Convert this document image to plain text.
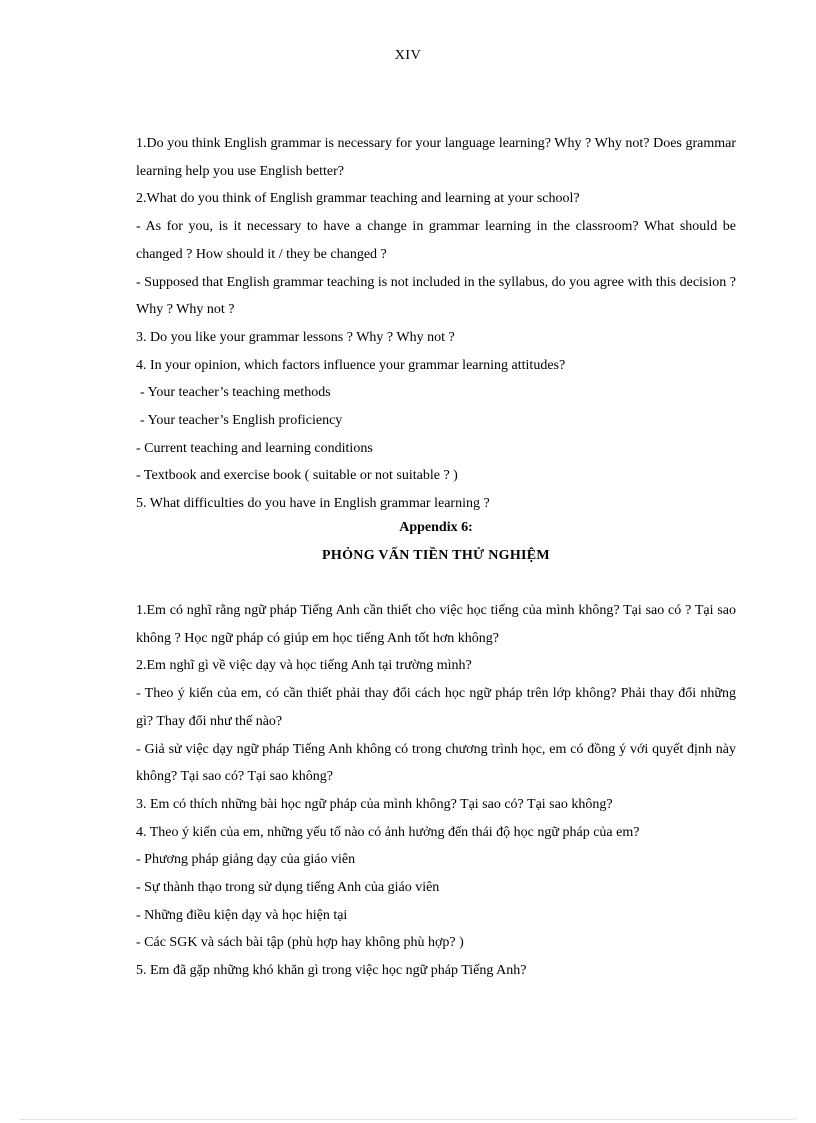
XIV

1.Do you think English grammar is necessary for your language learning? Why ? Why not? Does grammar learning help you use English better?

2.What do you think of English grammar teaching and learning at your school?

- As for you, is it necessary to have a change in grammar learning in the classroom? What should be changed ? How should it / they be changed ?

- Supposed that English grammar teaching is not included in the syllabus, do you agree with this decision ? Why ? Why not ?

3. Do you like your grammar lessons ? Why ? Why not ?

4. In your opinion, which factors influence your grammar learning attitudes?

- Your teacher’s teaching methods

- Your teacher’s English proficiency

- Current teaching and learning conditions

- Textbook and exercise book ( suitable or not suitable ? )

5. What difficulties do you have in English grammar learning ?

Appendix 6:
PHỎNG VẤN TIỀN THỬ NGHIỆM

1.Em có nghĩ rằng ngữ pháp Tiếng Anh cần thiết cho việc học tiếng của mình không? Tại sao có ? Tại sao không ? Học ngữ pháp có giúp em học tiếng Anh tốt hơn không?

2.Em nghĩ gì về việc dạy và học tiếng Anh tại trường mình?

- Theo ý kiến của em, có cần thiết phải thay đổi cách học ngữ pháp trên lớp không? Phải thay đổi những gì? Thay đổi như thế nào?

- Giả sử việc dạy ngữ pháp Tiếng Anh không có trong chương trình học, em có đồng ý với quyết định này không? Tại sao có? Tại sao không?

3. Em có thích những bài học ngữ pháp của mình không? Tại sao có? Tại sao không?

4. Theo ý kiến của em, những yếu tố nào có ảnh hưởng đến thái độ học ngữ pháp của em?

- Phương pháp giảng dạy của giáo viên

- Sự thành thạo trong sử dụng tiếng Anh của giáo viên

- Những điều kiện dạy và học hiện tại

- Các SGK và sách bài tập (phù hợp hay không phù hợp? )

5. Em đã gặp những khó khăn gì trong việc học ngữ pháp Tiếng Anh?
